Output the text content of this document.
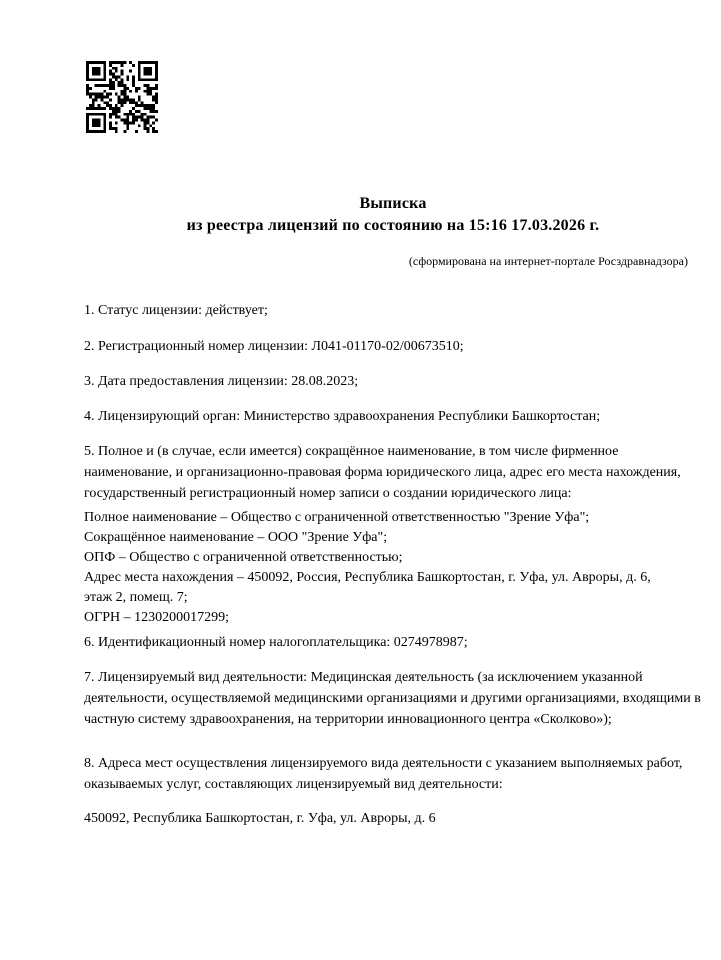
Выписка
из реестра лицензий по состоянию на 15:16 17.03.2026 г.
(сформирована на интернет-портале Росздравнадзора)

1. Статус лицензии: действует;

2. Регистрационный номер лицензии: Л041-01170-02/00673510;

3. Дата предоставления лицензии: 28.08.2023;

4. Лицензирующий орган: Министерство здравоохранения Республики Башкортостан;

5. Полное и (в случае, если имеется) сокращённое наименование, в том числе фирменное наименование, и организационно-правовая форма юридического лица, адрес его места нахождения, государственный регистрационный номер записи о создании юридического лица:

Полное наименование – Общество с ограниченной ответственностью "Зрение Уфа";
Сокращённое наименование – ООО "Зрение Уфа";
ОПФ – Общество с ограниченной ответственностью;
Адрес места нахождения – 450092, Россия, Республика Башкортостан, г. Уфа, ул. Авроры, д. 6,
этаж 2, помещ. 7;
ОГРН – 1230200017299;

6. Идентификационный номер налогоплательщика: 0274978987;

7. Лицензируемый вид деятельности: Медицинская деятельность (за исключением указанной деятельности, осуществляемой медицинскими организациями и другими организациями, входящими в частную систему здравоохранения, на территории инновационного центра «Сколково»);

8. Адреса мест осуществления лицензируемого вида деятельности с указанием выполняемых работ, оказываемых услуг, составляющих лицензируемый вид деятельности:

450092, Республика Башкортостан, г. Уфа, ул. Авроры, д. 6
